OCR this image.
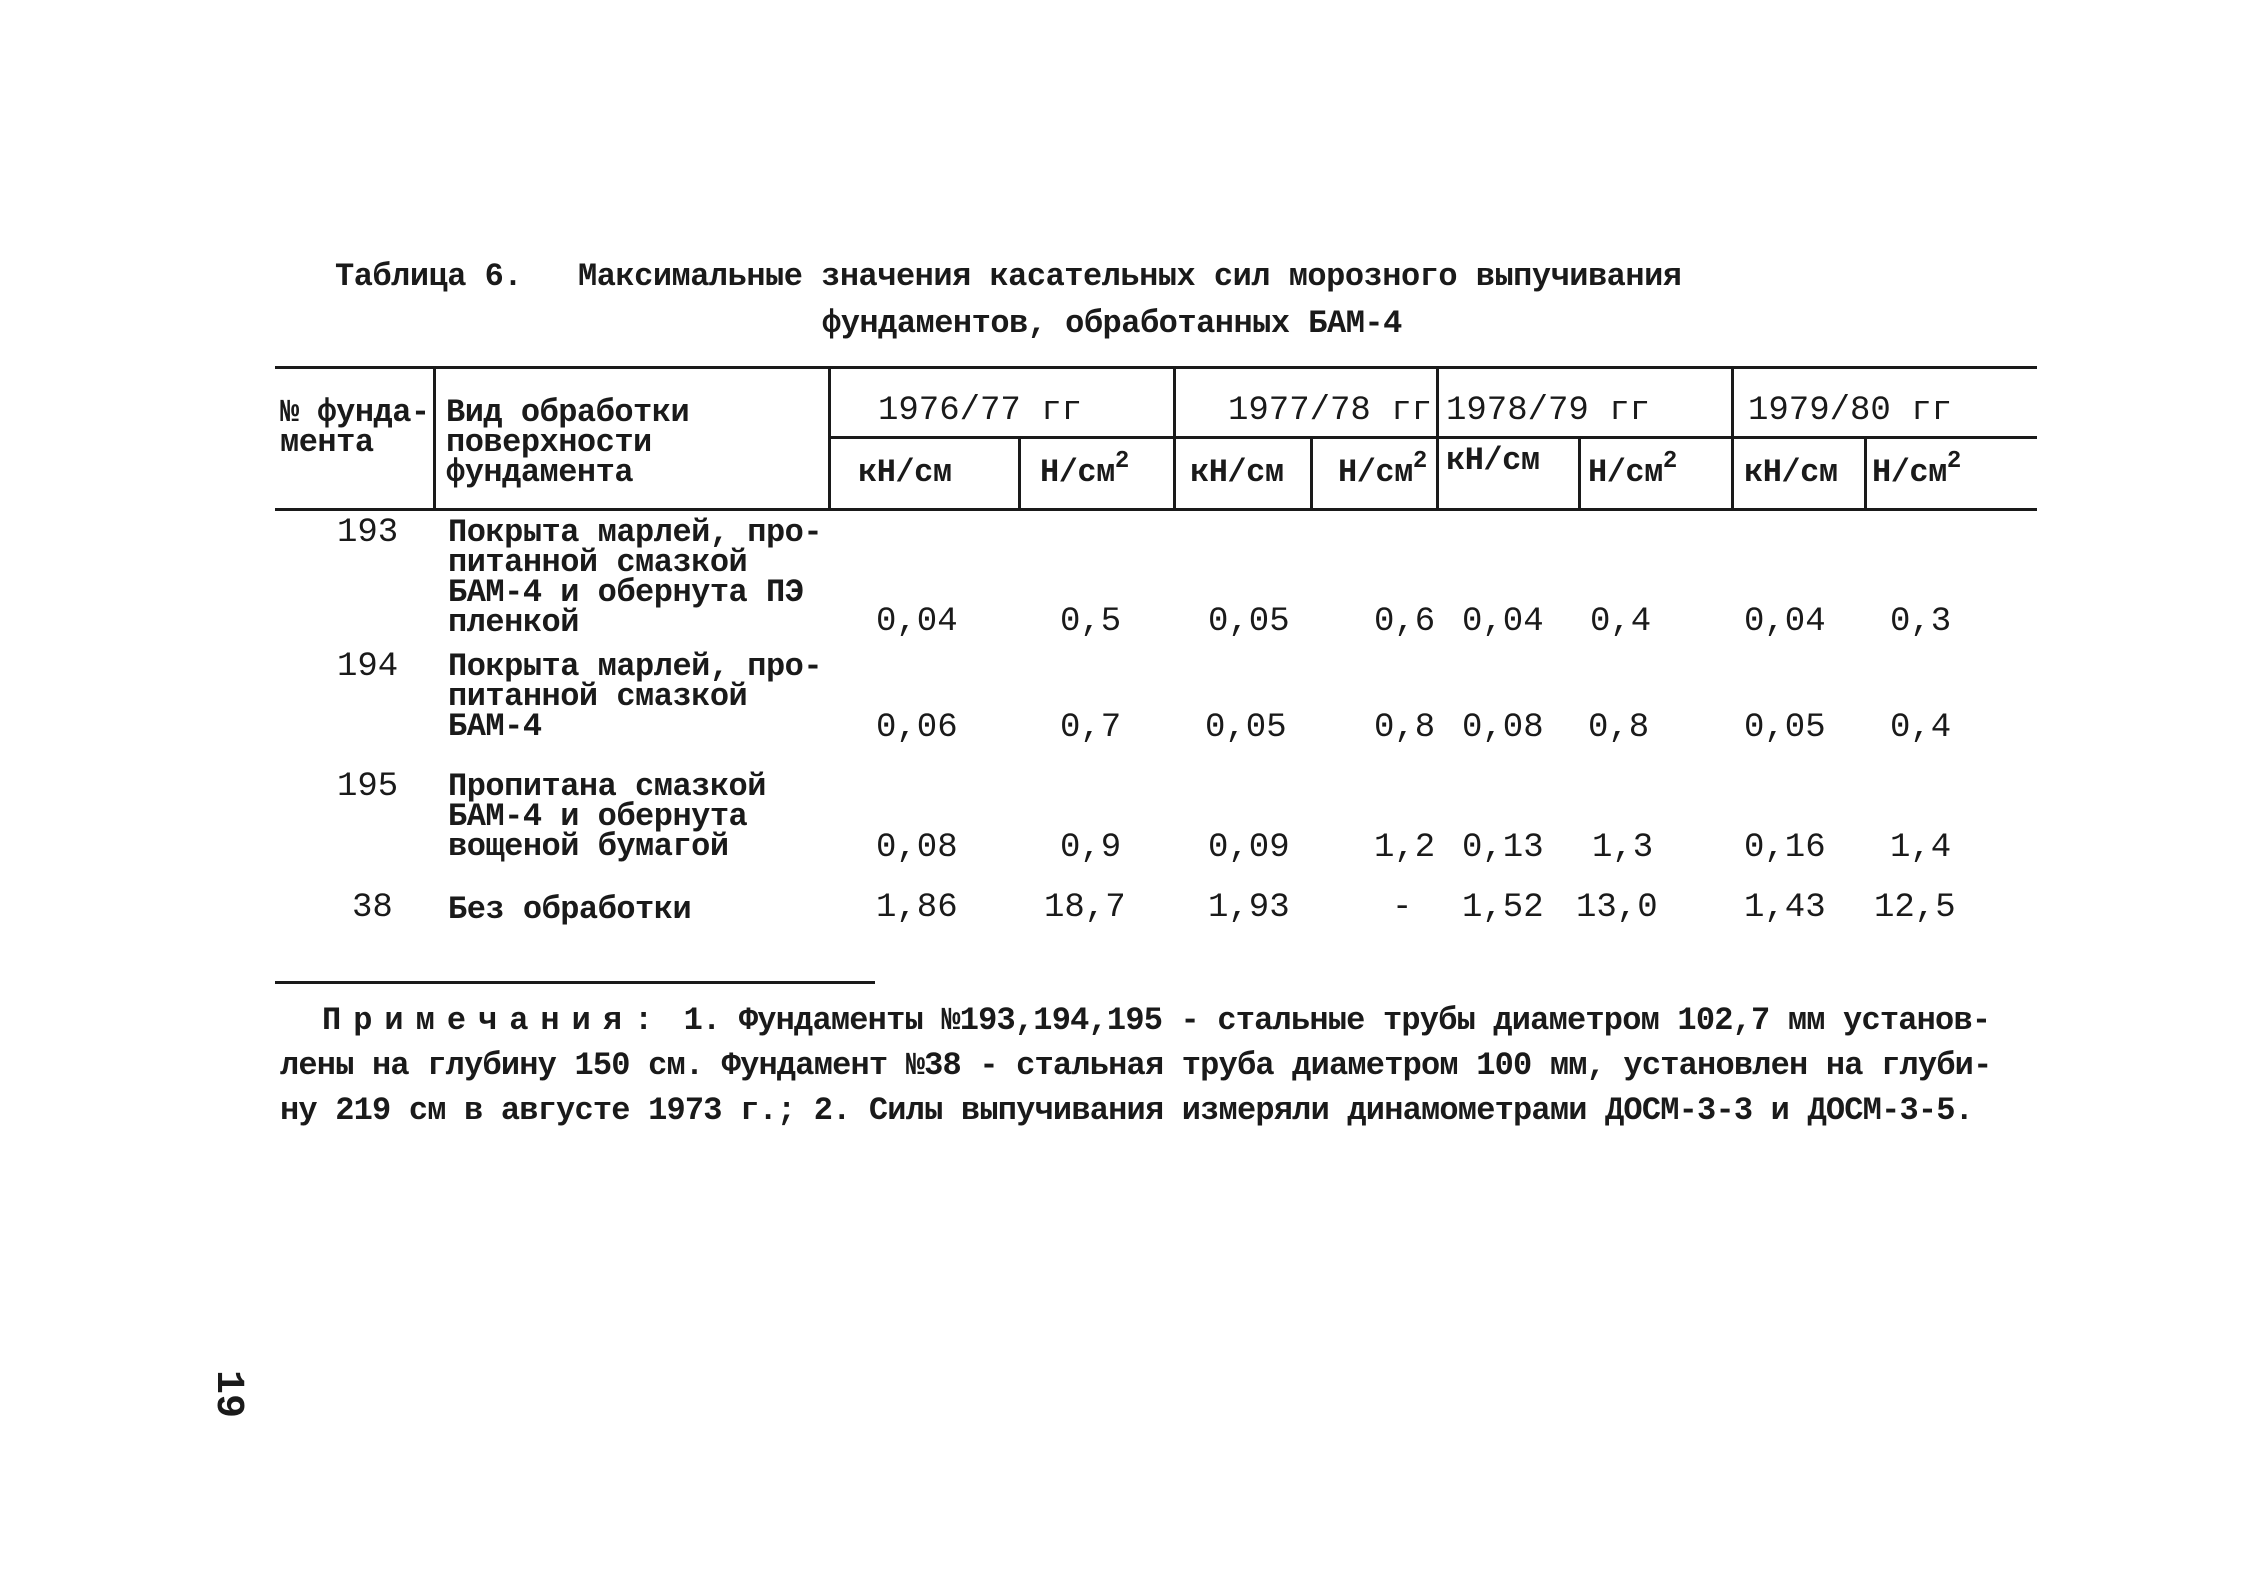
Таблица 6. Максимальные значения касательных сил морозного выпучивания
фундаментов, обработанных БАМ-4
№ фунда-
мента
Вид обработки
поверхности
фундамента
1976/77 гг	1977/78 гг 1978/79 гг	1979/80 гг
кН/см	$Н/см^2$ кН/см $Н/см^2$ кН/см $Н/см^2$ кН/см $Н/см^2$
193 Покрыта марлей, про-
питанной смазкой
БАМ-4 и обернута ПЭ
пленкой	0,04	0,5	0,05 0,6 0,04 0,4	0,04 0,3
194 Покрыта марлей, про-
питанной смазкой
БАМ-4	0,06	0,7 0,05	0,8 0,08 0,8	0,05 0,4
195 Пропитана смазкой
БАМ-4 и обернута
вощеной бумагой	0,08	0,9	0,09 1,2 0,13 1,3	0,16 1,4
38 Без обработки	1,86	18,7 1,93	- 1,52 13,0	1,43 12,5
Примечания: 1. Фундаменты №193,194,195 - стальные трубы диаметром 102,7 мм установ-
лены на глубину 150 см. Фундамент №38 - стальная труба диаметром 100 мм, установлен на глуби-
ну 219 см в августе 1973 г.; 2. Силы выпучивания измеряли динамометрами ДОСМ-3-3 и ДОСМ-3-5.
19
